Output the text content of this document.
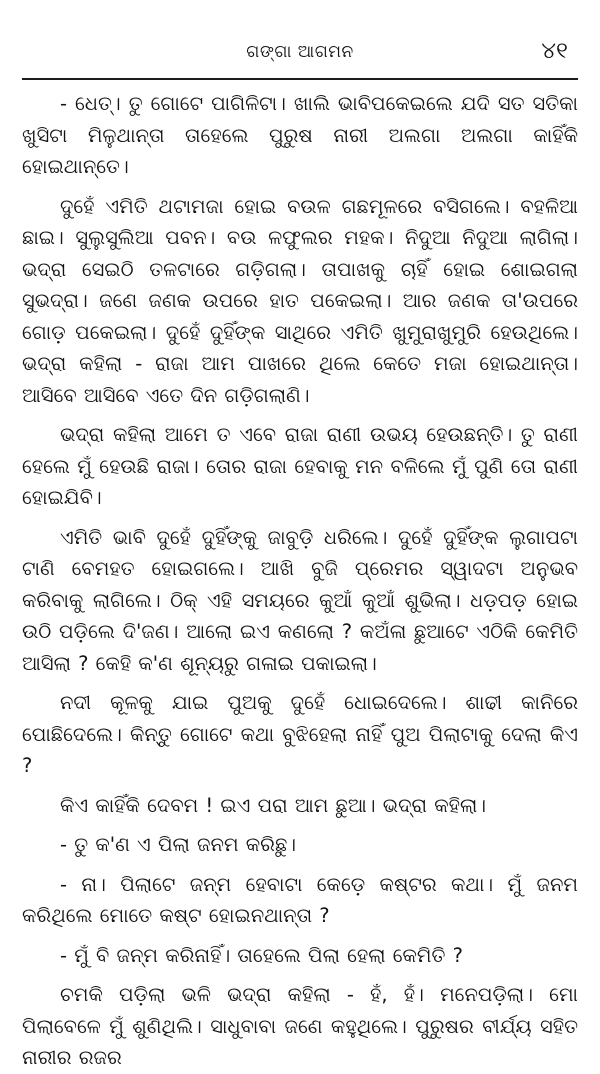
ଗଙ୍ଗା ଆଗମନ	୪୧

- ଧେତ୍। ତୁ ଗୋଟେ ପାଗିଳିଟା। ଖାଲି ଭାବିପକେଇଲେ ଯଦି ସତ ସତିକା ଖୁସିଟା ମିଳୁଥାନ୍ତା ତାହେଲେ ପୁରୁଷ ନାରୀ ଅଲଗା ଅଲଗା କାହିଁକି ହୋଇଥାନ୍ତେ।

ଦୁହେଁ ଏମିତି ଥଟାମଜା ହୋଇ ବଉଳ ଗଛମୂଳରେ ବସିଗଲେ। ବହଳିଆ ଛାଇ। ସୁଲୁସୁଲିଆ ପବନ। ବଉ ଳଫୁଲର ମହକ। ନିଦୁଆ ନିଦୁଆ ଲାଗିଲା। ଭଦ୍ରା ସେଇଠି ତଳଟାରେ ଗଡ଼ିଗଲା। ତାପାଖକୁ ଚାହିଁ ହୋଇ ଶୋଇଗଲା ସୁଭଦ୍ରା। ଜଣେ ଜଣକ ଉପରେ ହାତ ପକେଇଲା। ଆର ଜଣକ ତା'ଉପରେ ଗୋଡ଼ ପକେଇଲା। ଦୁହେଁ ଦୁହିଁଙ୍କ ସାଥିରେ ଏମିତି ଖୁମୁରାଖୁମୁରି ହେଉଥିଲେ। ଭଦ୍ରା କହିଲା - ରାଜା ଆମ ପାଖରେ ଥିଲେ କେତେ ମଜା ହୋଇଥାନ୍ତା। ଆସିବେ ଆସିବେ ଏତେ ଦିନ ଗଡ଼ିଗଲାଣି।

ଭଦ୍ରା କହିଲା ଆମେ ତ ଏବେ ରାଜା ରାଣୀ ଉଭୟ ହେଉଛନ୍ତି। ତୁ ରାଣୀ ହେଲେ ମୁଁ ହେଉଛି ରାଜା। ତୋର ରାଜା ହେବାକୁ ମନ ବଳିଲେ ମୁଁ ପୁଣି ତୋ ରାଣୀ ହୋଇଯିବି।

ଏମିତି ଭାବି ଦୁହେଁ ଦୁହିଁଙ୍କୁ ଜାବୁଡ଼ି ଧରିଲେ। ଦୁହେଁ ଦୁହିଁଙ୍କ ଲୁଗାପଟା ଟାଣି ବେମହତ ହୋଇଗଲେ। ଆଖି ବୁଜି ପ୍ରେମର ସ୍ୱାଦଟା ଅନୁଭବ କରିବାକୁ ଲାଗିଲେ। ଠିକ୍ ଏହି ସମୟରେ କୁଆଁ କୁଆଁ ଶୁଭିଲା। ଧଡ଼ପଡ଼ ହୋଇ ଉଠି ପଡ଼ିଲେ ଦି'ଜଣ। ଆଲୋ ଇଏ କଣଲୋ ? କଅଁଳା ଛୁଆଟେ ଏଠିକି କେମିତି ଆସିଲା ? କେହି କ'ଣ ଶୂନ୍ୟରୁ ଗଳାଇ ପକାଇଲା।

ନଦୀ କୂଳକୁ ଯାଇ ପୁଅକୁ ଦୁହେଁ ଧୋଇଦେଲେ। ଶାଢୀ କାନିରେ ପୋଛିଦେଲେ। କିନ୍ତୁ ଗୋଟେ କଥା ବୁଝିହେଲା ନାହିଁ ପୁଅ ପିଲାଟାକୁ ଦେଲା କିଏ ?

କିଏ କାହିଁକି ଦେବମ ! ଇଏ ପରା ଆମ ଛୁଆ। ଭଦ୍ରା କହିଲା।

- ତୁ କ'ଣ ଏ ପିଲା ଜନମ କରିଛୁ।

- ନା। ପିଲାଟେ ଜନ୍ମ ହେବାଟା କେଡ଼େ କଷ୍ଟର କଥା। ମୁଁ ଜନମ କରିଥିଲେ ମୋତେ କଷ୍ଟ ହୋଇନଥାନ୍ତା ?

- ମୁଁ ବି ଜନ୍ମ କରିନାହିଁ। ତାହେଲେ ପିଲା ହେଲା କେମିତି ?

ଚମକି ପଡ଼ିଲା ଭଳି ଭଦ୍ରା କହିଲା - ହଁ, ହଁ। ମନେପଡ଼ିଲା। ମୋ ପିଲାବେଳେ ମୁଁ ଶୁଣିଥିଲି। ସାଧୁବାବା ଜଣେ କହୁଥିଲେ। ପୁରୁଷର ବୀର୍ଯ୍ୟ ସହିତ ନାରୀର ରଜର
